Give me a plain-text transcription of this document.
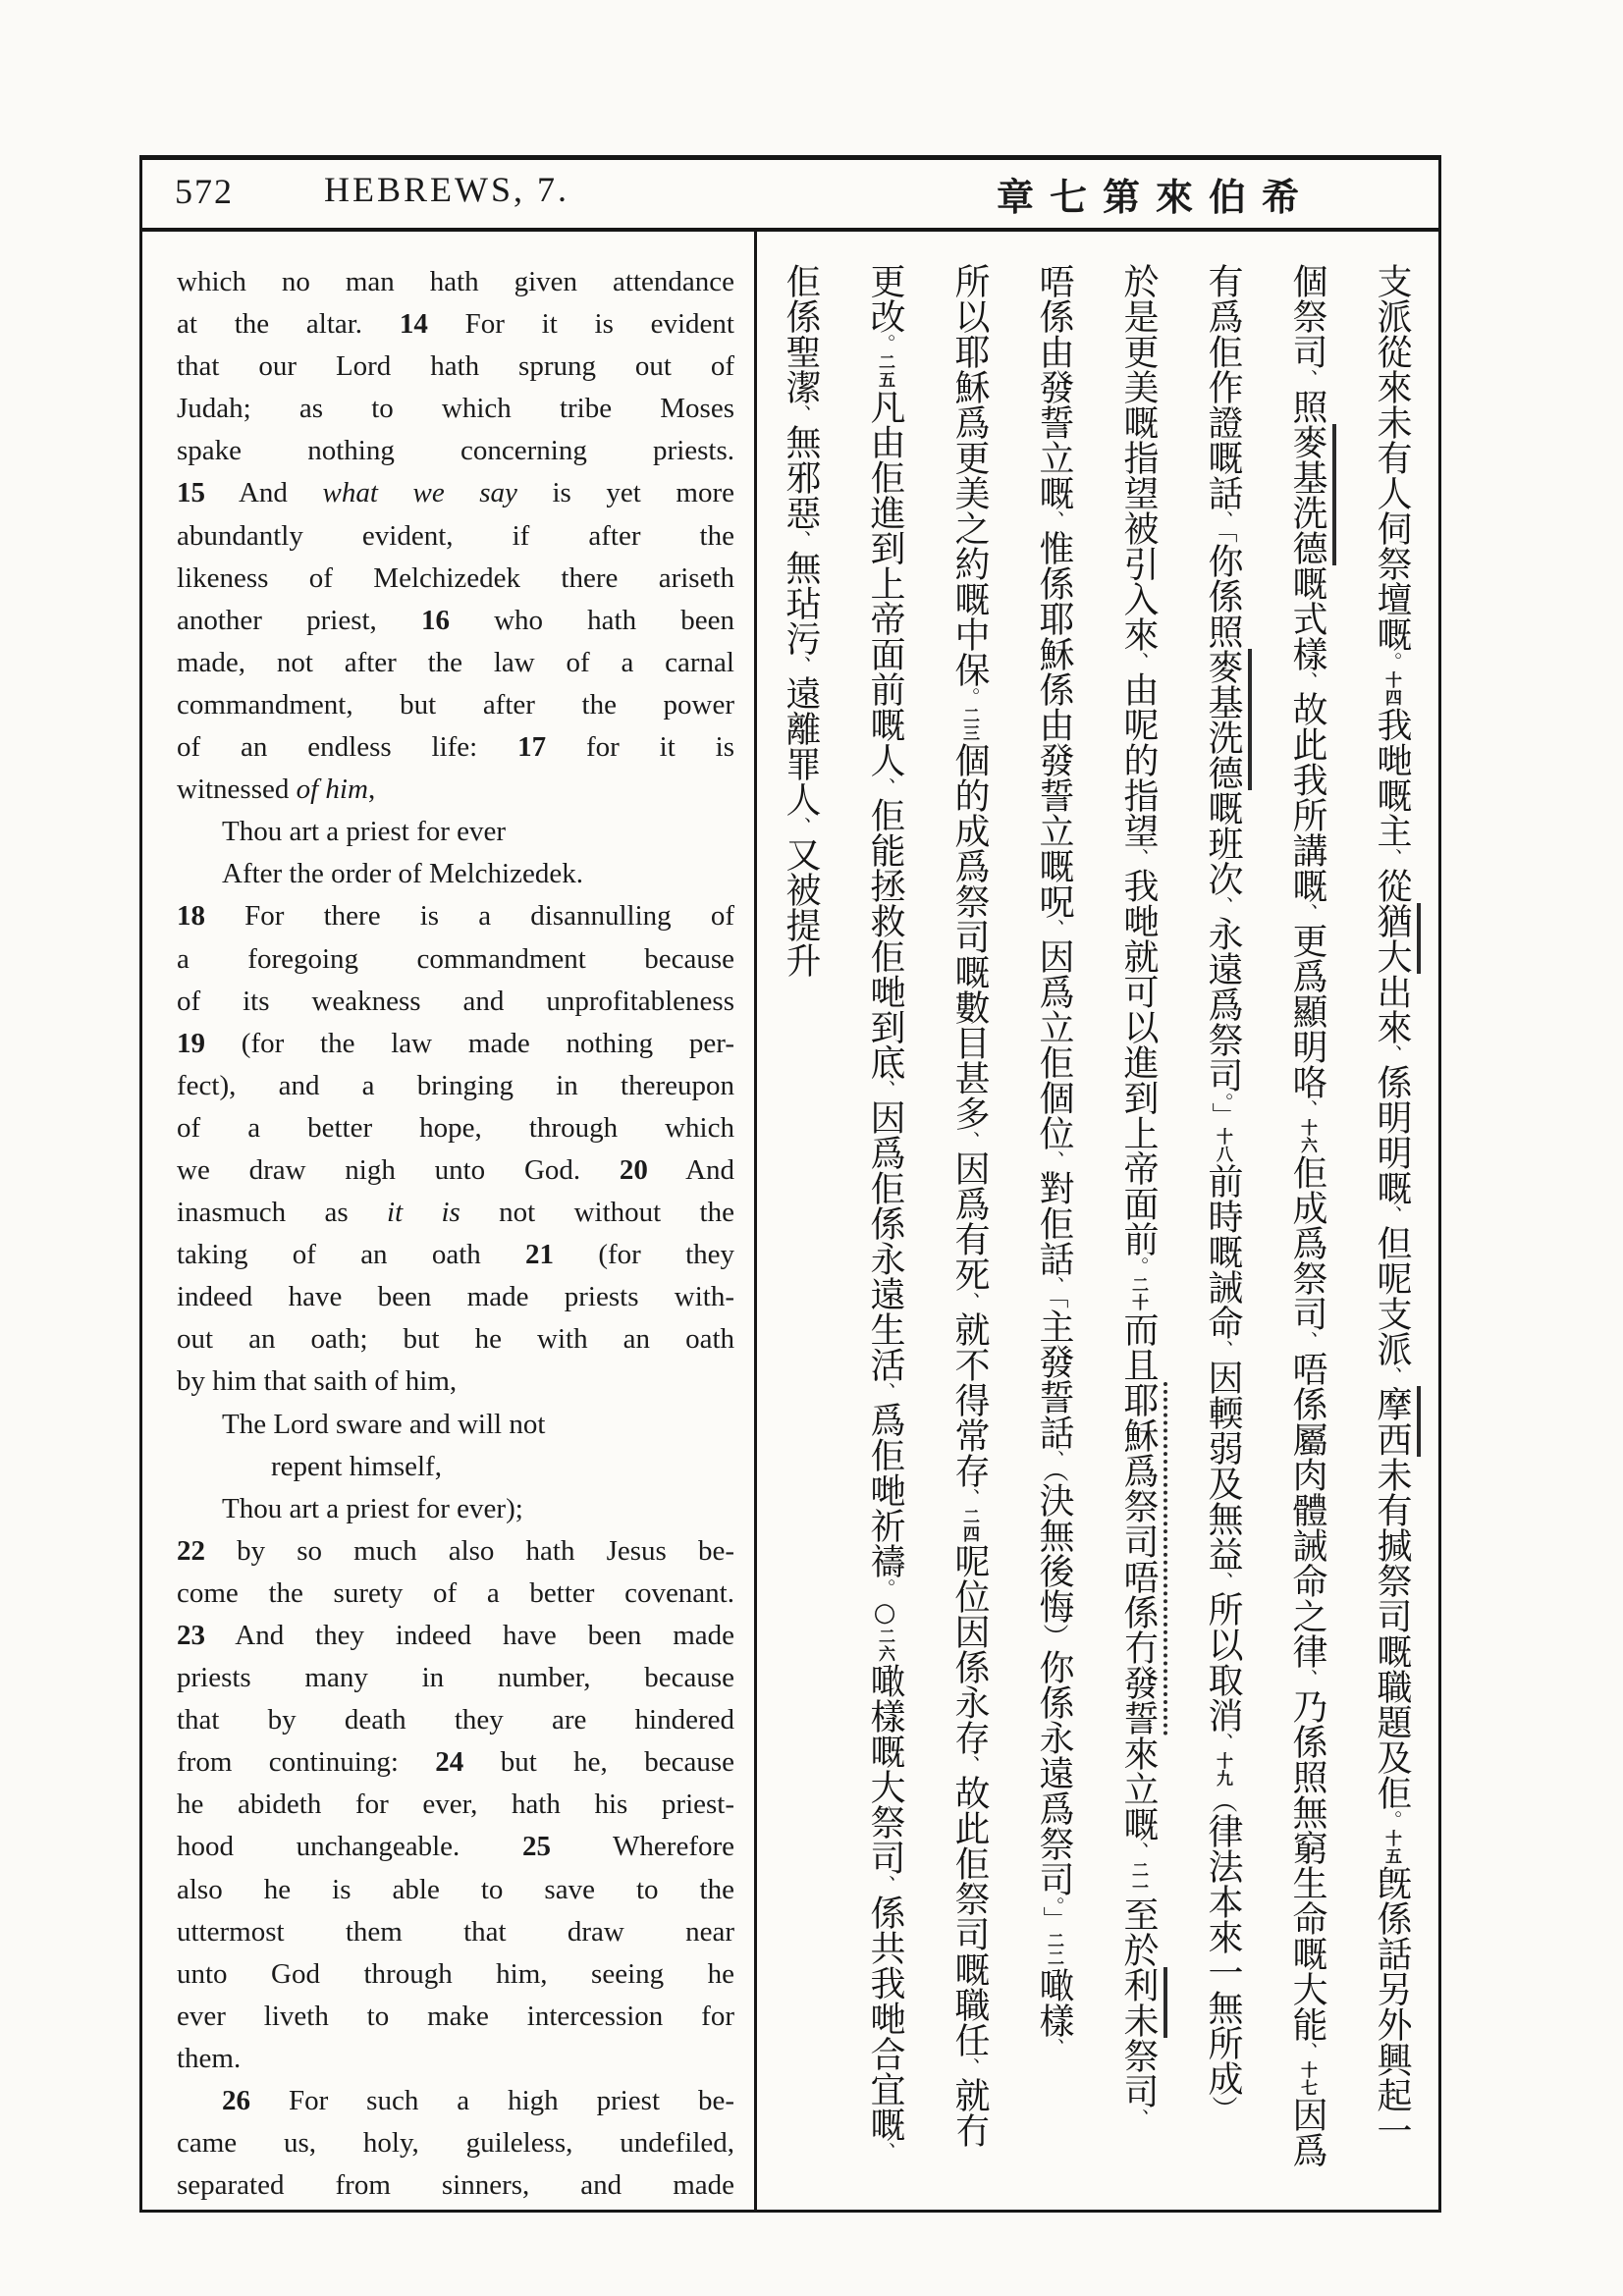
572	HEBREWS, 7.	章七第來伯希
which no man hath given attendance
at the altar. 14 For it is evident
that our Lord hath sprung out of
Judah; as to which tribe Moses
spake nothing concerning priests.
15 And what we say is yet more
abundantly evident, if after the
likeness of Melchizedek there ariseth
another priest, 16 who hath been
made, not after the law of a carnal
commandment, but after the power
of an endless life: 17 for it is
witnessed of him,
Thou art a priest for ever
After the order of Melchizedek.
18 For there is a disannulling of
a foregoing commandment because
of its weakness and unprofitableness
19 (for the law made nothing per-
fect), and a bringing in thereupon
of a better hope, through which
we draw nigh unto God. 20 And
inasmuch as it is not without the
taking of an oath 21 (for they
indeed have been made priests with-
out an oath; but he with an oath
by him that saith of him,
The Lord sware and will not
repent himself,
Thou art a priest for ever);
22 by so much also hath Jesus be-
come the surety of a better covenant.
23 And they indeed have been made
priests many in number, because
that by death they are hindered
from continuing: 24 but he, because
he abideth for ever, hath his priest-
hood unchangeable. 25 Wherefore
also he is able to save to the
uttermost them that draw near
unto God through him, seeing he
ever liveth to make intercession for
them.
26 For such a high priest be-
came us, holy, guileless, undefiled,
separated from sinners, and made
支派從來未有人伺祭壇嘅。十四我哋嘅主、從猶大出來、係明明嘅、但呢支派、摩西未有㨔祭司嘅職題及佢。十五旣係話另外興起一
個祭司、照麥基洗德嘅式樣、故此我所講嘅、更爲顯明咯、十六佢成爲祭司、唔係屬肉體誡命之律、乃係照無窮生命嘅大能、十七因爲
有爲佢作證嘅話、「你係照麥基洗德嘅班次、永遠爲祭司。」十八前時嘅誡命、因輭弱及無益、所以取消、十九（律法本來一無所成）
於是更美嘅指望被引入來、由呢的指望、我哋就可以進到上帝面前。二十而且耶穌爲祭司唔係冇發誓來立嘅、二一至於利未祭司、
唔係由發誓立嘅、惟係耶穌係由發誓立嘅呪、因爲立佢個位、對佢話、「主發誓話、（決無後悔）你係永遠爲祭司。」二二噉樣、
所以耶穌爲更美之約嘅中保。二三個的成爲祭司嘅數目甚多、因爲有死、就不得常存、二四呢位因係永存、故此佢祭司嘅職任、就冇
更改。二五凡由佢進到上帝面前嘅人、佢能拯救佢哋到底、因爲佢係永遠生活、爲佢哋祈禱。○二六噉樣嘅大祭司、係共我哋合宜嘅、
佢係聖潔、無邪惡、無玷污、遠離罪人、又被提升
